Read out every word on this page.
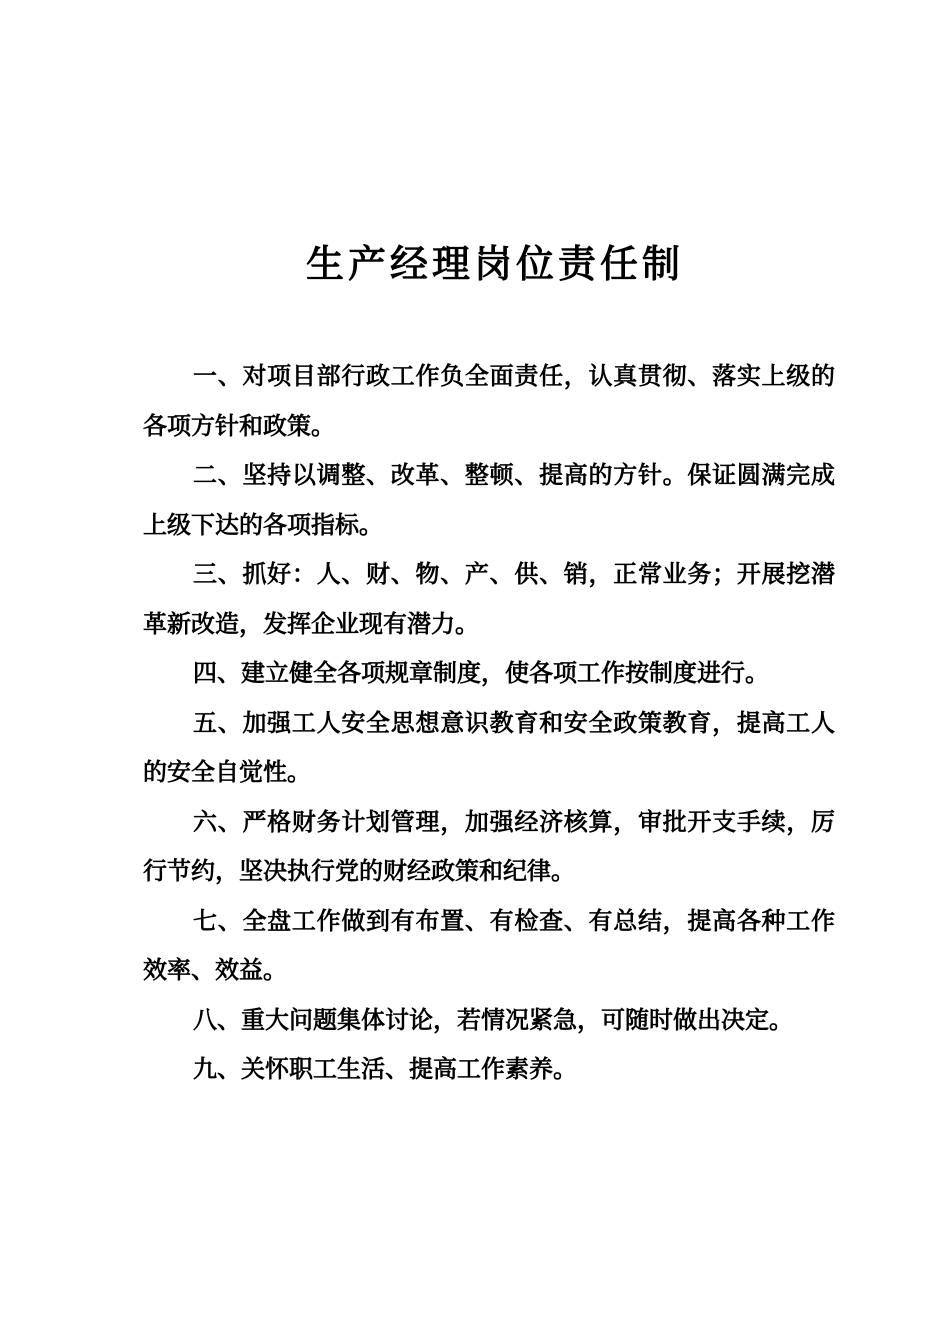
生产经理岗位责任制

一、对项目部行政工作负全面责任，认真贯彻、落实上级的各项方针和政策。

二、坚持以调整、改革、整顿、提高的方针。保证圆满完成上级下达的各项指标。

三、抓好：人、财、物、产、供、销，正常业务；开展挖潜革新改造，发挥企业现有潜力。

四、建立健全各项规章制度，使各项工作按制度进行。

五、加强工人安全思想意识教育和安全政策教育，提高工人的安全自觉性。

六、严格财务计划管理，加强经济核算，审批开支手续，厉行节约，坚决执行党的财经政策和纪律。

七、全盘工作做到有布置、有检查、有总结，提高各种工作效率、效益。

八、重大问题集体讨论，若情况紧急，可随时做出决定。

九、关怀职工生活、提高工作素养。
